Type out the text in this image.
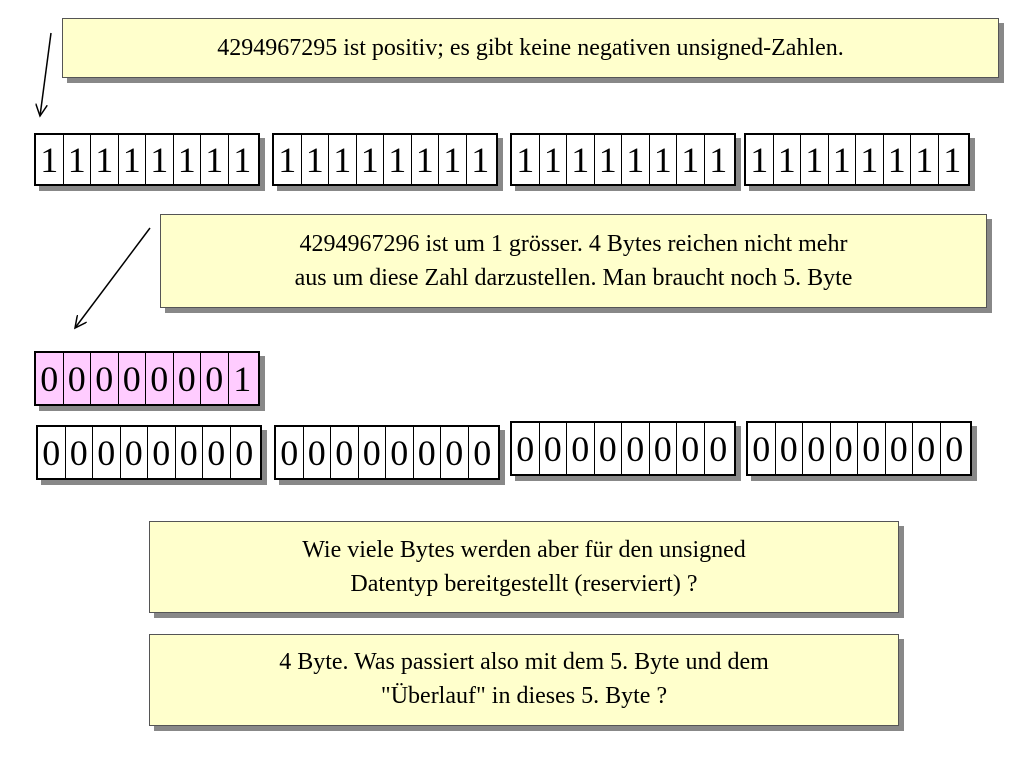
4294967295 ist positiv; es gibt keine negativen unsigned-Zahlen.
4294967296 ist um 1 grösser. 4 Bytes reichen nicht mehr
aus um diese Zahl darzustellen. Man braucht noch 5. Byte
Wie viele Bytes werden aber für den unsigned
Datentyp bereitgestellt (reserviert) ?
4 Byte. Was passiert also mit dem 5. Byte und dem
"Überlauf" in dieses 5. Byte ?
1 1 1 1 1 1 1 1 1 1 1 1 1 1 1 1 1 1 1 1 1 1 1 1 1 1 1 1 1 1 1 1
0 0 0 0 0 0 0 1
0 0 0 0 0 0 0 0 0 0 0 0 0 0 0 0 0 0 0 0 0 0 0 0 0 0 0 0 0 0 0 0
